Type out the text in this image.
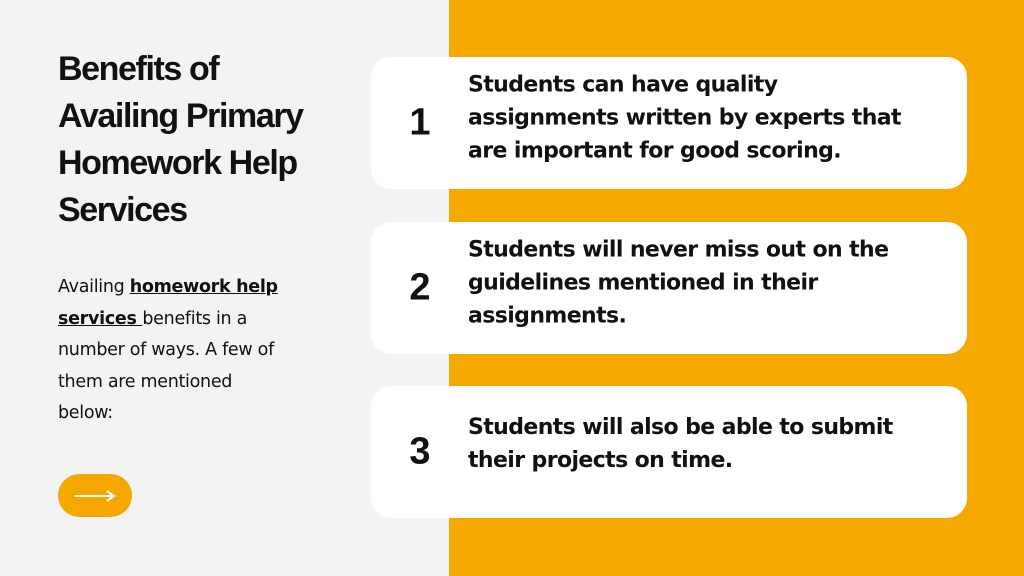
Benefits of Availing Primary Homework Help Services

Availing homework help services benefits in a number of ways. A few of them are mentioned below:

1

Students can have quality assignments written by experts that are important for good scoring.

2

Students will never miss out on the guidelines mentioned in their assignments.

3

Students will also be able to submit their projects on time.
